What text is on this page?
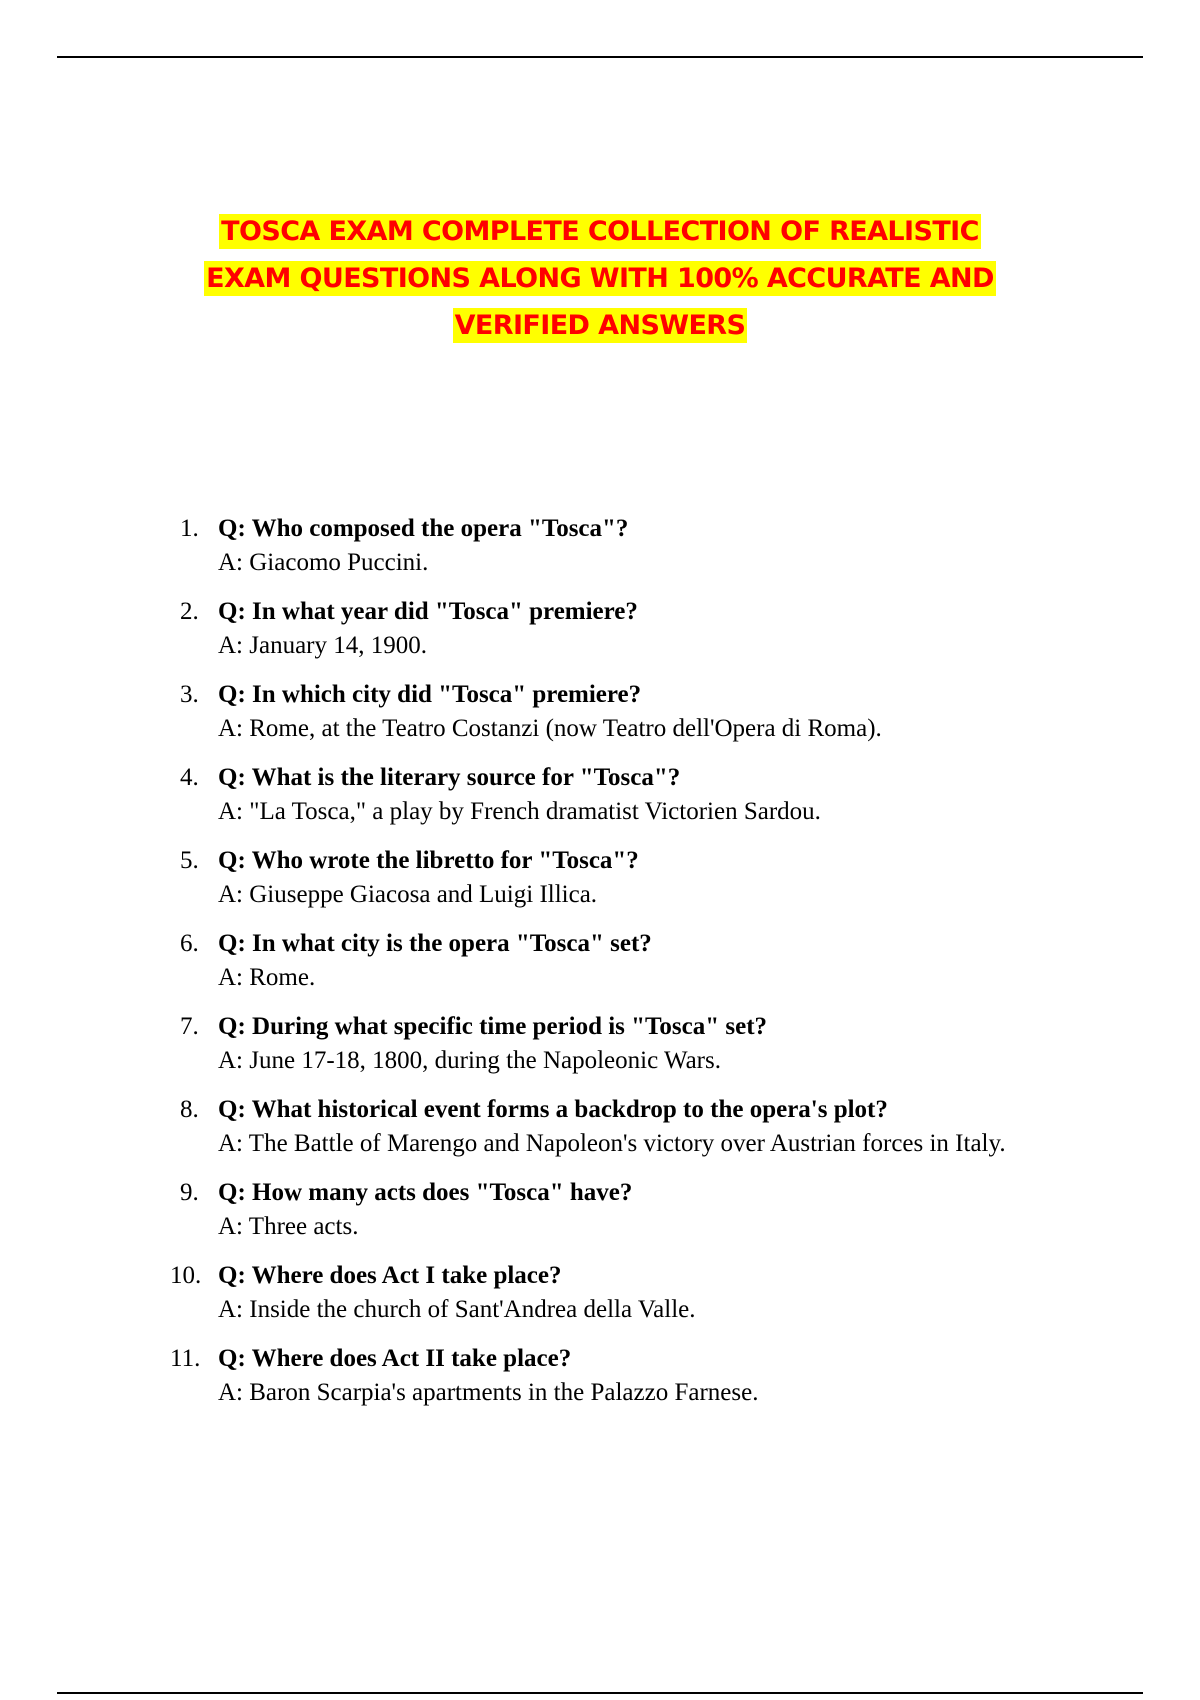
TOSCA EXAM COMPLETE COLLECTION OF REALISTIC
EXAM QUESTIONS ALONG WITH 100% ACCURATE AND
VERIFIED ANSWERS
1. Q: Who composed the opera "Tosca"?
A: Giacomo Puccini.
2. Q: In what year did "Tosca" premiere?
A: January 14, 1900.
3. Q: In which city did "Tosca" premiere?
A: Rome, at the Teatro Costanzi (now Teatro dell'Opera di Roma).
4. Q: What is the literary source for "Tosca"?
A: "La Tosca," a play by French dramatist Victorien Sardou.
5. Q: Who wrote the libretto for "Tosca"?
A: Giuseppe Giacosa and Luigi Illica.
6. Q: In what city is the opera "Tosca" set?
A: Rome.
7. Q: During what specific time period is "Tosca" set?
A: June 17-18, 1800, during the Napoleonic Wars.
8. Q: What historical event forms a backdrop to the opera's plot?
A: The Battle of Marengo and Napoleon's victory over Austrian forces in Italy.
9. Q: How many acts does "Tosca" have?
A: Three acts.
10. Q: Where does Act I take place?
A: Inside the church of Sant'Andrea della Valle.
11. Q: Where does Act II take place?
A: Baron Scarpia's apartments in the Palazzo Farnese.
